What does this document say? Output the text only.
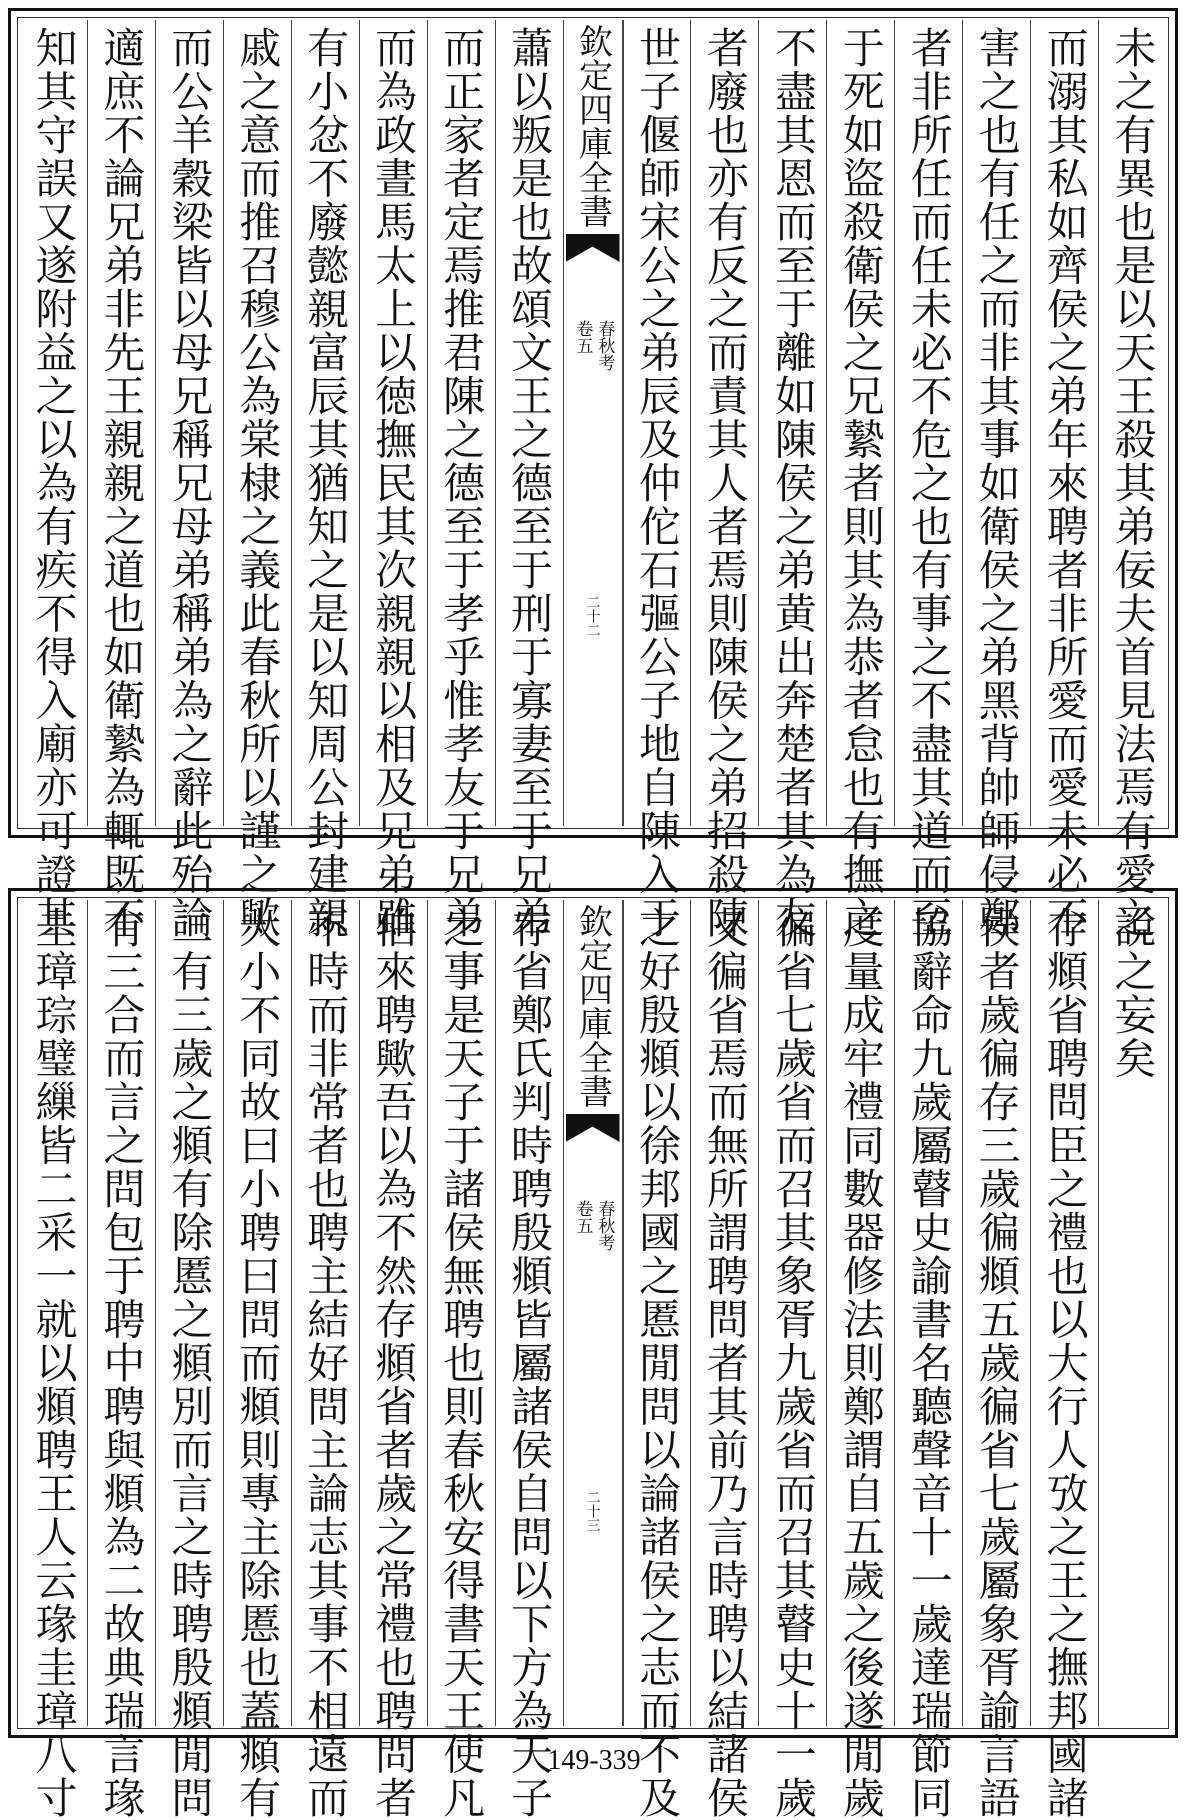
未之有異也是以天王殺其弟佞夫首見法焉有愛之
而溺其私如齊侯之弟年來聘者非所愛而愛未必不
害之也有任之而非其事如衛侯之弟黑背帥師侵鄭
者非所任而任未必不危之也有事之不盡其道而至
于死如盜殺衛侯之兄縶者則其為恭者怠也有撫之
不盡其恩而至于離如陳侯之弟黄出奔楚者其為友
者廢也亦有反之而責其人者焉則陳侯之弟招殺陳
世子偃師宋公之弟辰及仲佗石彄公子地自陳入于
欽定四庫全書
春秋考
卷五
二十二
蕭以叛是也故頌文王之德至于刑于寡妻至于兄弟
而正家者定焉推君陳之德至于孝乎惟孝友于兄弟
而為政晝馬太上以徳撫民其次親親以相及兄弟雖
有小忿不廢懿親富辰其猶知之是以知周公封建親
戚之意而推召穆公為棠棣之義此春秋所以謹之歟
而公羊穀梁皆以母兄稱兄母弟稱弟為之辭此殆論
適庶不論兄弟非先王親親之道也如衛縶為輒既不
知其守誤又遂附益之以為有疾不得入廟亦可證其
說之妄矣
存頫省聘問臣之禮也以大行人攷之王之撫邦國諸
侯者歲徧存三歲徧頫五歲徧省七歲屬象胥諭言語
協辭命九歲屬瞽史諭書名聽聲音十一歲達瑞節同
度量成牢禮同數器修法則鄭謂自五歲之後遂閒歲
徧省七歲省而召其象胥九歲省而召其瞽史十一歲
又徧省焉而無所謂聘問者其前乃言時聘以結諸侯
之好殷頫以徐邦國之慝閒問以論諸侯之志而不及
欽定四庫全書
春秋考
卷五
二十三
存省鄭氏判時聘殷頫皆屬諸侯自問以下方為天子
之事是天子于諸侯無聘也則春秋安得書天王使凡
伯來聘歟吾以為不然存頫省者歲之常禮也聘問者
不時而非常者也聘主結好問主論志其事不相遠而
大小不同故曰小聘曰問而頫則專主除慝也蓋頫有
二有三歲之頫有除慝之頫別而言之時聘殷頫閒問
有三合而言之問包于聘中聘與頫為二故典瑞言瑑
圭璋琮璧繅皆二采一就以頫聘王人云瑑圭璋八寸	149-339
